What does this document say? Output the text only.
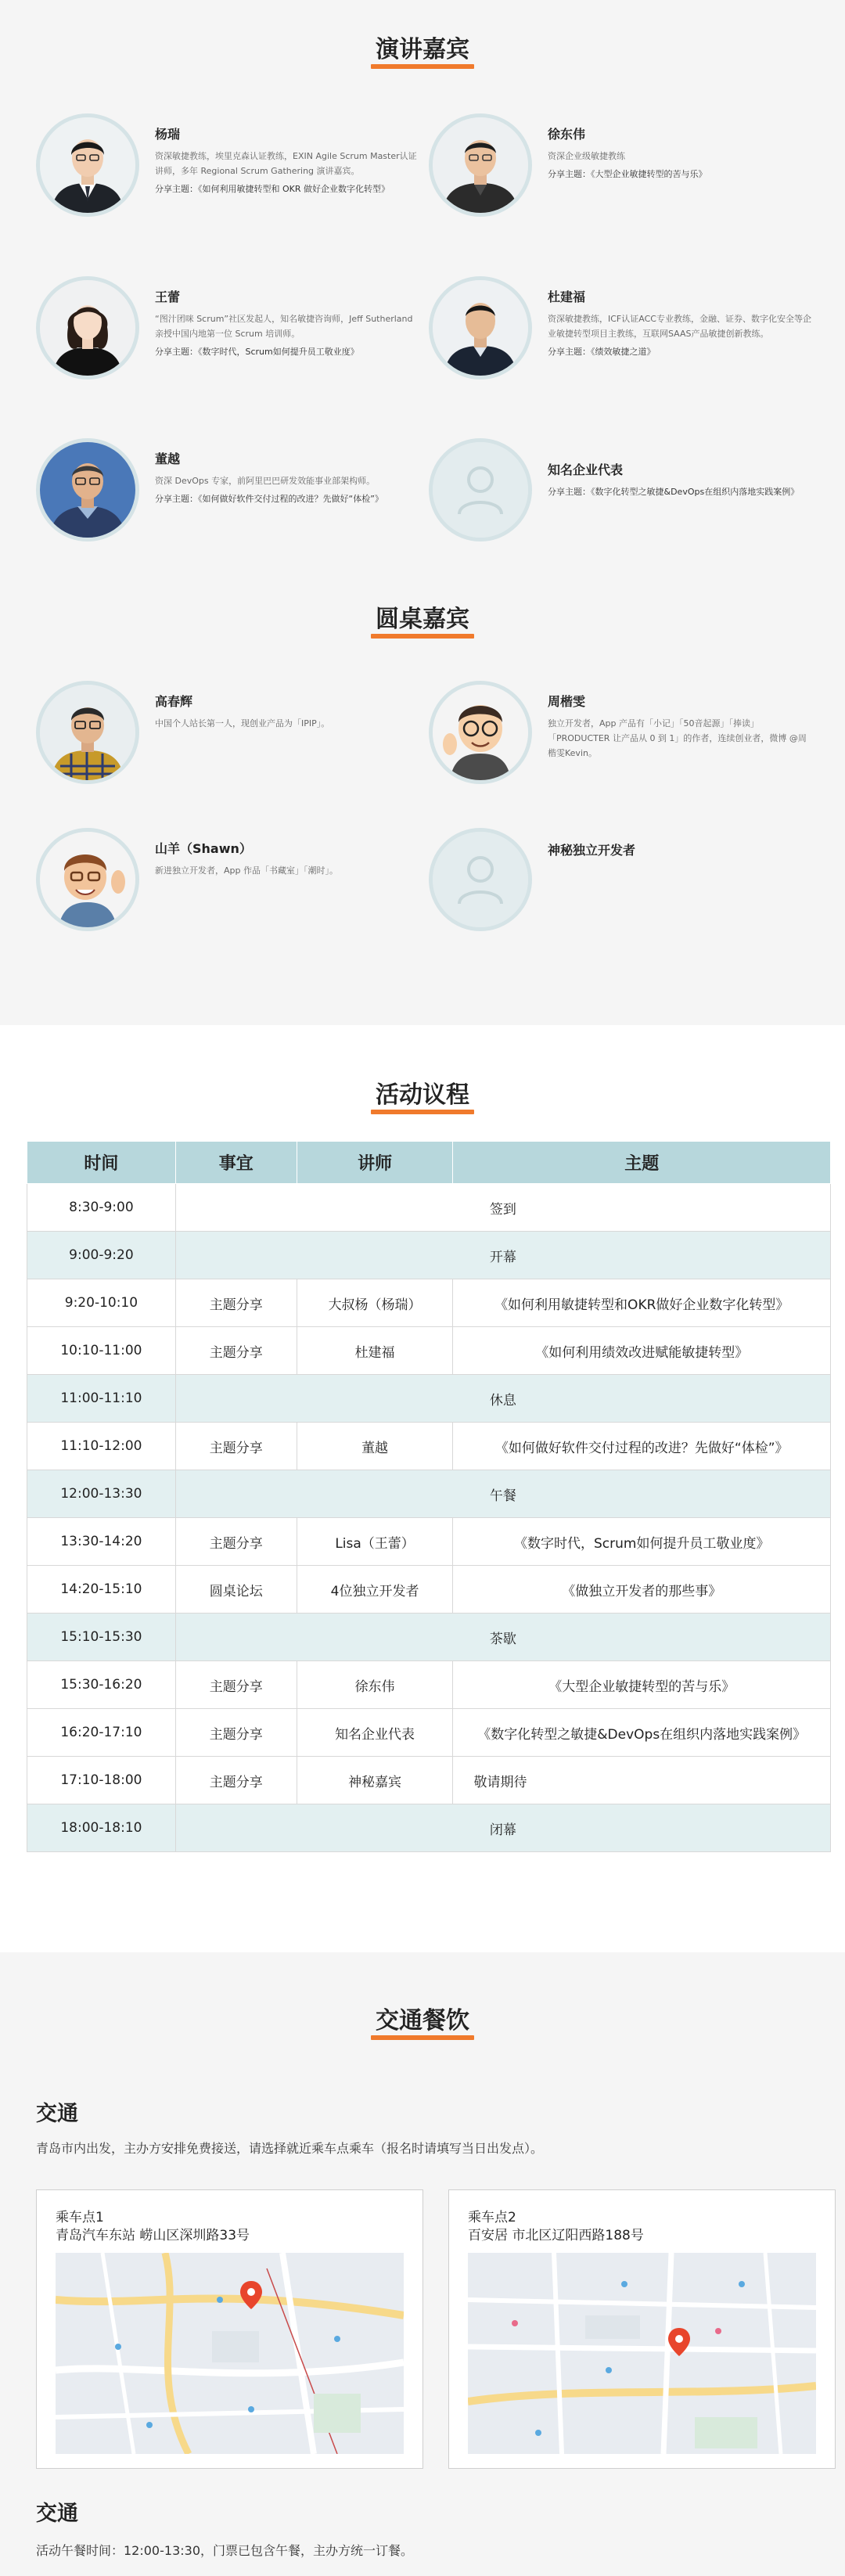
演讲嘉宾
杨瑞
资深敏捷教练，埃里克森认证教练，EXIN Agile Scrum Master认证讲师，多年 Regional Scrum Gathering 演讲嘉宾。
分享主题：《如何利用敏捷转型和 OKR 做好企业数字化转型》
徐东伟
资深企业级敏捷教练
分享主题：《大型企业敏捷转型的苦与乐》
王蕾
“图汁团咪 Scrum”社区发起人，知名敏捷咨询师，Jeff Sutherland 亲授中国内地第一位 Scrum 培训师。
分享主题：《数字时代，Scrum如何提升员工敬业度》
杜建福
资深敏捷教练，ICF认证ACC专业教练，金融、证券、数字化安全等企业敏捷转型项目主教练，互联网SAAS产品敏捷创新教练。
分享主题：《绩效敏捷之道》
董越
资深 DevOps 专家，前阿里巴巴研发效能事业部架构师。
分享主题：《如何做好软件交付过程的改进？先做好“体检”》
知名企业代表
分享主题：《数字化转型之敏捷&DevOps在组织内落地实践案例》
圆桌嘉宾
高春辉
中国个人站长第一人，现创业产品为「IPIP」。
周楷雯
独立开发者，App 产品有「小记」「50音起源」「捧读」「PRODUCTER 让产品从 0 到 1」的作者，连续创业者，微博 @周楷雯Kevin。
山羊（Shawn）
新进独立开发者，App 作品「书藏室」「潮时」。
神秘独立开发者
活动议程
时间	事宜	讲师	主题
8:30-9:00	签到		
9:00-9:20	开幕		
9:20-10:10	主题分享	大叔杨（杨瑞）	《如何利用敏捷转型和OKR做好企业数字化转型》
10:10-11:00	主题分享	杜建福	《如何利用绩效改进赋能敏捷转型》
11:00-11:10	休息		
11:10-12:00	主题分享	董越	《如何做好软件交付过程的改进？先做好“体检”》
12:00-13:30	午餐		
13:30-14:20	主题分享	Lisa（王蕾）	《数字时代，Scrum如何提升员工敬业度》
14:20-15:10	圆桌论坛	4位独立开发者	《做独立开发者的那些事》
15:10-15:30	茶歇		
15:30-16:20	主题分享	徐东伟	《大型企业敏捷转型的苦与乐》
16:20-17:10	主题分享	知名企业代表	《数字化转型之敏捷&DevOps在组织内落地实践案例》
17:10-18:00	主题分享	神秘嘉宾	敬请期待
18:00-18:10	闭幕		
交通餐饮
交通
青岛市内出发，主办方安排免费接送，请选择就近乘车点乘车（报名时请填写当日出发点）。
乘车点1
青岛汽车东站 崂山区深圳路33号
乘车点2
百安居 市北区辽阳西路188号
交通
活动午餐时间：12:00-13:30，门票已包含午餐，主办方统一订餐。
